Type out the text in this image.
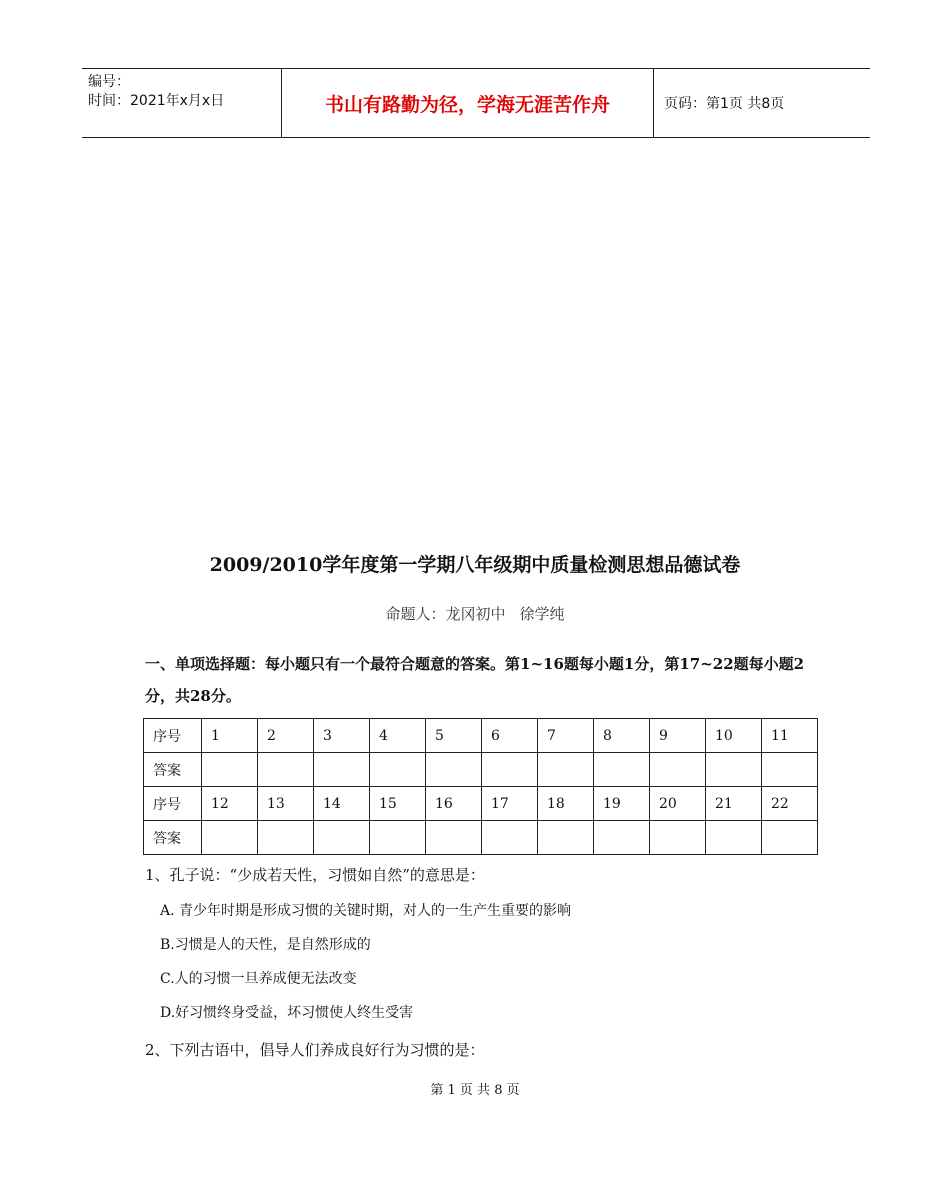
编号：
时间：2021年x月x日	书山有路勤为径，学海无涯苦作舟	页码：第1页 共8页
2009/2010学年度第一学期八年级期中质量检测思想品德试卷
命题人：龙冈初中 徐学纯
一、单项选择题：每小题只有一个最符合题意的答案。第1~16题每小题1分，第17~22题每小题2分，共28分。
序号	1	2	3	4	5	6	7	8	9	10	11
答案											
序号	12	13	14	15	16	17	18	19	20	21	22
答案											
1、孔子说：“少成若天性，习惯如自然”的意思是：
A. 青少年时期是形成习惯的关键时期，对人的一生产生重要的影响
B.习惯是人的天性，是自然形成的
C.人的习惯一旦养成便无法改变
D.好习惯终身受益，坏习惯使人终生受害
2、下列古语中，倡导人们养成良好行为习惯的是：
第 1 页 共 8 页
